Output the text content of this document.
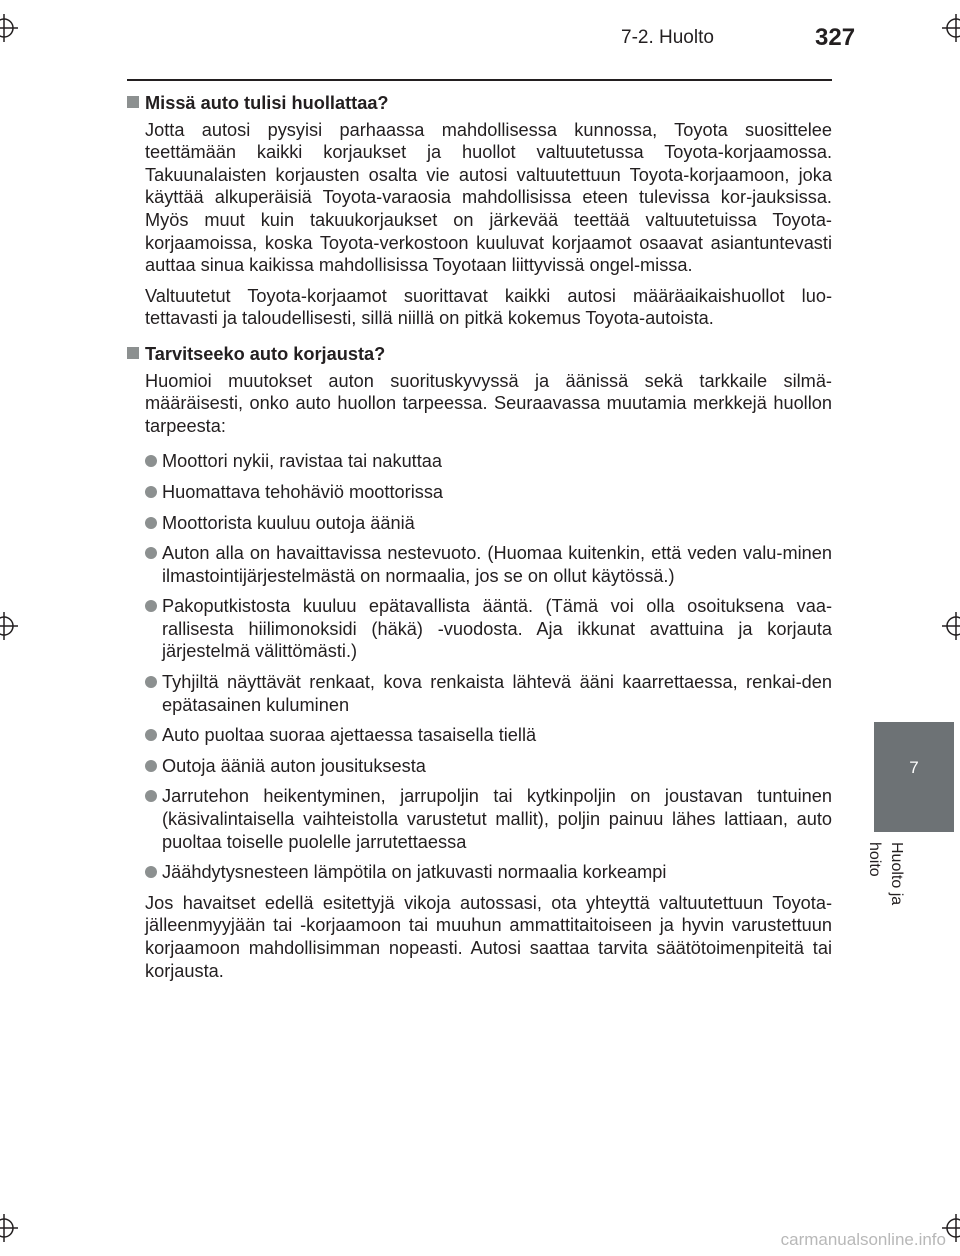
7-2. Huolto	327
Missä auto tulisi huollattaa?

Jotta autosi pysyisi parhaassa mahdollisessa kunnossa, Toyota suosittelee teettämään kaikki korjaukset ja huollot valtuutetussa Toyota-korjaamossa. Takuunalaisten korjausten osalta vie autosi valtuutettuun Toyota-korjaamoon, joka käyttää alkuperäisiä Toyota-varaosia mahdollisissa eteen tulevissa kor-jauksissa. Myös muut kuin takuukorjaukset on järkevää teettää valtuutetuissa Toyota-korjaamoissa, koska Toyota-verkostoon kuuluvat korjaamot osaavat asiantuntevasti auttaa sinua kaikissa mahdollisissa Toyotaan liittyvissä ongel-missa.

Valtuutetut Toyota-korjaamot suorittavat kaikki autosi määräaikaishuollot luo-tettavasti ja taloudellisesti, sillä niillä on pitkä kokemus Toyota-autoista.

Tarvitseeko auto korjausta?

Huomioi muutokset auton suorituskyvyssä ja äänissä sekä tarkkaile silmä-määräisesti, onko auto huollon tarpeessa. Seuraavassa muutamia merkkejä huollon tarpeesta:

Moottori nykii, ravistaa tai nakuttaa
Huomattava tehohäviö moottorissa
Moottorista kuuluu outoja ääniä
Auton alla on havaittavissa nestevuoto. (Huomaa kuitenkin, että veden valu-minen ilmastointijärjestelmästä on normaalia, jos se on ollut käytössä.)
Pakoputkistosta kuuluu epätavallista ääntä. (Tämä voi olla osoituksena vaa-rallisesta hiilimonoksidi (häkä) -vuodosta. Aja ikkunat avattuina ja korjauta järjestelmä välittömästi.)
Tyhjiltä näyttävät renkaat, kova renkaista lähtevä ääni kaarrettaessa, renkai-den epätasainen kuluminen
Auto puoltaa suoraa ajettaessa tasaisella tiellä
Outoja ääniä auton jousituksesta
Jarrutehon heikentyminen, jarrupoljin tai kytkinpoljin on joustavan tuntuinen (käsivalintaisella vaihteistolla varustetut mallit), poljin painuu lähes lattiaan, auto puoltaa toiselle puolelle jarrutettaessa
Jäähdytysnesteen lämpötila on jatkuvasti normaalia korkeampi

Jos havaitset edellä esitettyjä vikoja autossasi, ota yhteyttä valtuutettuun Toyota-jälleenmyyjään tai -korjaamoon tai muuhun ammattitaitoiseen ja hyvin varustettuun korjaamoon mahdollisimman nopeasti. Autosi saattaa tarvita säätötoimenpiteitä tai korjausta.

7
Huolto ja hoito
carmanualsonline.info
